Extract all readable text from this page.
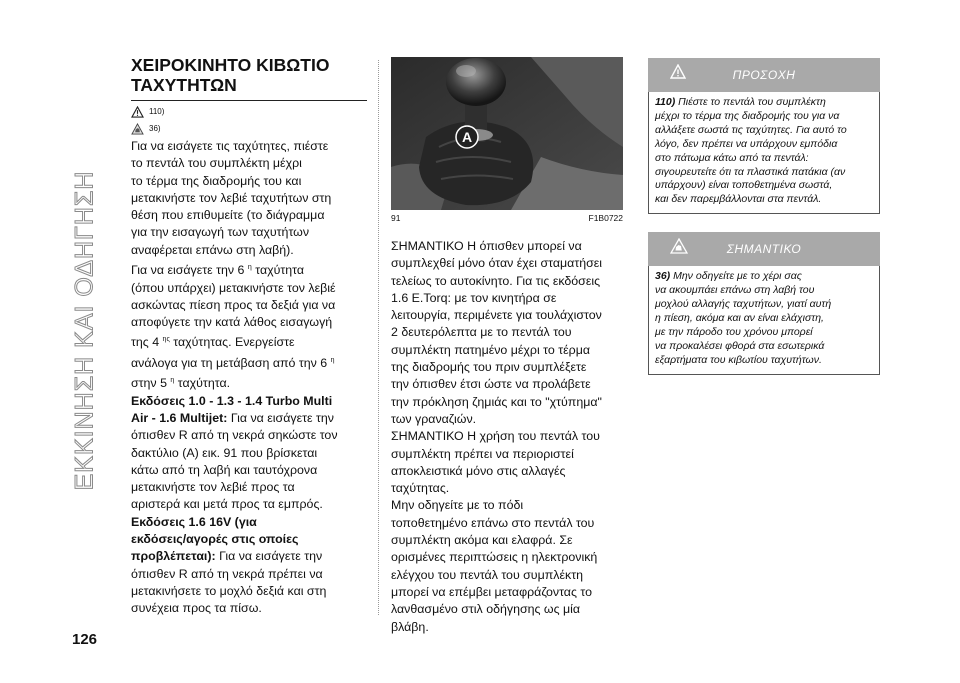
ΕΚΚΙΝΗΣΗ ΚΑΙ ΟΔΗΓΗΣΗ
126
ΧΕΙΡΟΚΙΝΗΤΟ ΚΙΒΩΤΙΟ
ΤΑΧΥΤΗΤΩΝ
110)
36)

Για να εισάγετε τις ταχύτητες, πιέστε

το πεντάλ του συμπλέκτη μέχρι

το τέρμα της διαδρομής του και

μετακινήστε τον λεβιέ ταχυτήτων στη

θέση που επιθυμείτε (το διάγραμμα

για την εισαγωγή των ταχυτήτων

αναφέρεται επάνω στη λαβή).

Για να εισάγετε την 6 $^\eta$ ταχύτητα

(όπου υπάρχει) μετακινήστε τον λεβιέ

ασκώντας πίεση προς τα δεξιά για να

αποφύγετε την κατά λάθος εισαγωγή

της 4 $^{\eta\varsigma}$ ταχύτητας. Ενεργείστε

ανάλογα για τη μετάβαση από την 6 $^\eta$

στην 5 $^\eta$ ταχύτητα.

Εκδόσεις 1.0 - 1.3 - 1.4 Turbo Multi

Air - 1.6 Multijet: Για να εισάγετε την

όπισθεν R από τη νεκρά σηκώστε τον

δακτύλιο (A) εικ. 91 που βρίσκεται

κάτω από τη λαβή και ταυτόχρονα

μετακινήστε τον λεβιέ προς τα

αριστερά και μετά προς τα εμπρός.

Εκδόσεις 1.6 16V (για

εκδόσεις/αγορές στις οποίες

προβλέπεται): Για να εισάγετε την

όπισθεν R από τη νεκρά πρέπει να

μετακινήσετε το μοχλό δεξιά και στη

συνέχεια προς τα πίσω.

A
91	F1B0722

ΣΗΜΑΝΤΙΚΟ Η όπισθεν μπορεί να

συμπλεχθεί μόνο όταν έχει σταματήσει

τελείως το αυτοκίνητο. Για τις εκδόσεις

1.6 E.Torq: με τον κινητήρα σε

λειτουργία, περιμένετε για τουλάχιστον

2 δευτερόλεπτα με το πεντάλ του

συμπλέκτη πατημένο μέχρι το τέρμα

της διαδρομής του πριν συμπλέξετε

την όπισθεν έτσι ώστε να προλάβετε

την πρόκληση ζημιάς και το "χτύπημα"

των γραναζιών.

ΣΗΜΑΝΤΙΚΟ Η χρήση του πεντάλ του

συμπλέκτη πρέπει να περιοριστεί

αποκλειστικά μόνο στις αλλαγές

ταχύτητας.

Μην οδηγείτε με το πόδι

τοποθετημένο επάνω στο πεντάλ του

συμπλέκτη ακόμα και ελαφρά. Σε

ορισμένες περιπτώσεις η ηλεκτρονική

ελέγχου του πεντάλ του συμπλέκτη

μπορεί να επέμβει μεταφράζοντας το

λανθασμένο στιλ οδήγησης ως μία

βλάβη.

ΠΡΟΣΟΧΗ

110) Πιέστε το πεντάλ του συμπλέκτη

μέχρι το τέρμα της διαδρομής του για να

αλλάξετε σωστά τις ταχύτητες. Για αυτό το

λόγο, δεν πρέπει να υπάρχουν εμπόδια

στο πάτωμα κάτω από τα πεντάλ:

σιγουρευτείτε ότι τα πλαστικά πατάκια (αν

υπάρχουν) είναι τοποθετημένα σωστά,

και δεν παρεμβάλλονται στα πεντάλ.

ΣΗΜΑΝΤΙΚΟ

36) Μην οδηγείτε με το χέρι σας

να ακουμπάει επάνω στη λαβή του

μοχλού αλλαγής ταχυτήτων, γιατί αυτή

η πίεση, ακόμα και αν είναι ελάχιστη,

με την πάροδο του χρόνου μπορεί

να προκαλέσει φθορά στα εσωτερικά

εξαρτήματα του κιβωτίου ταχυτήτων.
